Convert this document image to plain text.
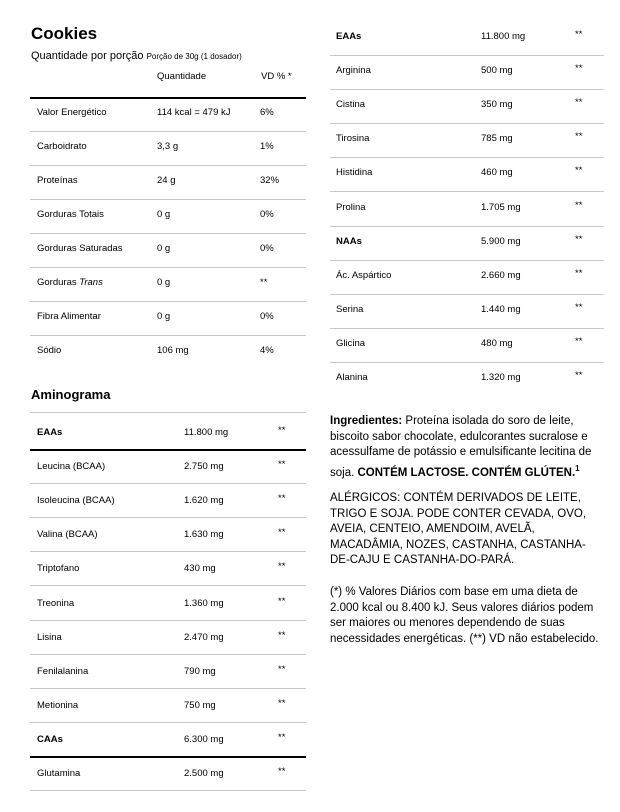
Cookies
Quantidade por porção Porção de 30g (1 dosador)
Quantidade	VD % *
Valor Energético	114 kcal = 479 kJ	6%
Carboidrato	3,3 g	1%
Proteínas	24 g	32%
Gorduras Totais	0 g	0%
Gorduras Saturadas	0 g	0%
Gorduras Trans	0 g	**
Fibra Alimentar	0 g	0%
Sódio	106 mg	4%
Aminograma
EAAs	11.800 mg	**
Leucina (BCAA)	2.750 mg	**
Isoleucina (BCAA)	1.620 mg	**
Valina (BCAA)	1.630 mg	**
Triptofano	430 mg	**
Treonina	1.360 mg	**
Lisina	2.470 mg	**
Fenilalanina	790 mg	**
Metionina	750 mg	**
CAAs	6.300 mg	**
Glutamina	2.500 mg	**
EAAs	11.800 mg	**
Arginina	500 mg	**
Cistina	350 mg	**
Tirosina	785 mg	**
Histidina	460 mg	**
Prolina	1.705 mg	**
NAAs	5.900 mg	**
Ác. Aspártico	2.660 mg	**
Serina	1.440 mg	**
Glicina	480 mg	**
Alanina	1.320 mg	**
Ingredientes: Proteína isolada do soro de leite, biscoito sabor chocolate, edulcorantes sucralose e acessulfame de potássio e emulsificante lecitina de soja. CONTÉM LACTOSE. CONTÉM GLÚTEN.$^1$
ALÉRGICOS: CONTÉM DERIVADOS DE LEITE, TRIGO E SOJA. PODE CONTER CEVADA, OVO, AVEIA, CENTEIO, AMENDOIM, AVELÃ, MACADÂMIA, NOZES, CASTANHA, CASTANHA-DE-CAJU E CASTANHA-DO-PARÁ.
(*) % Valores Diários com base em uma dieta de 2.000 kcal ou 8.400 kJ. Seus valores diários podem ser maiores ou menores dependendo de suas necessidades energéticas. (**) VD não estabelecido.
